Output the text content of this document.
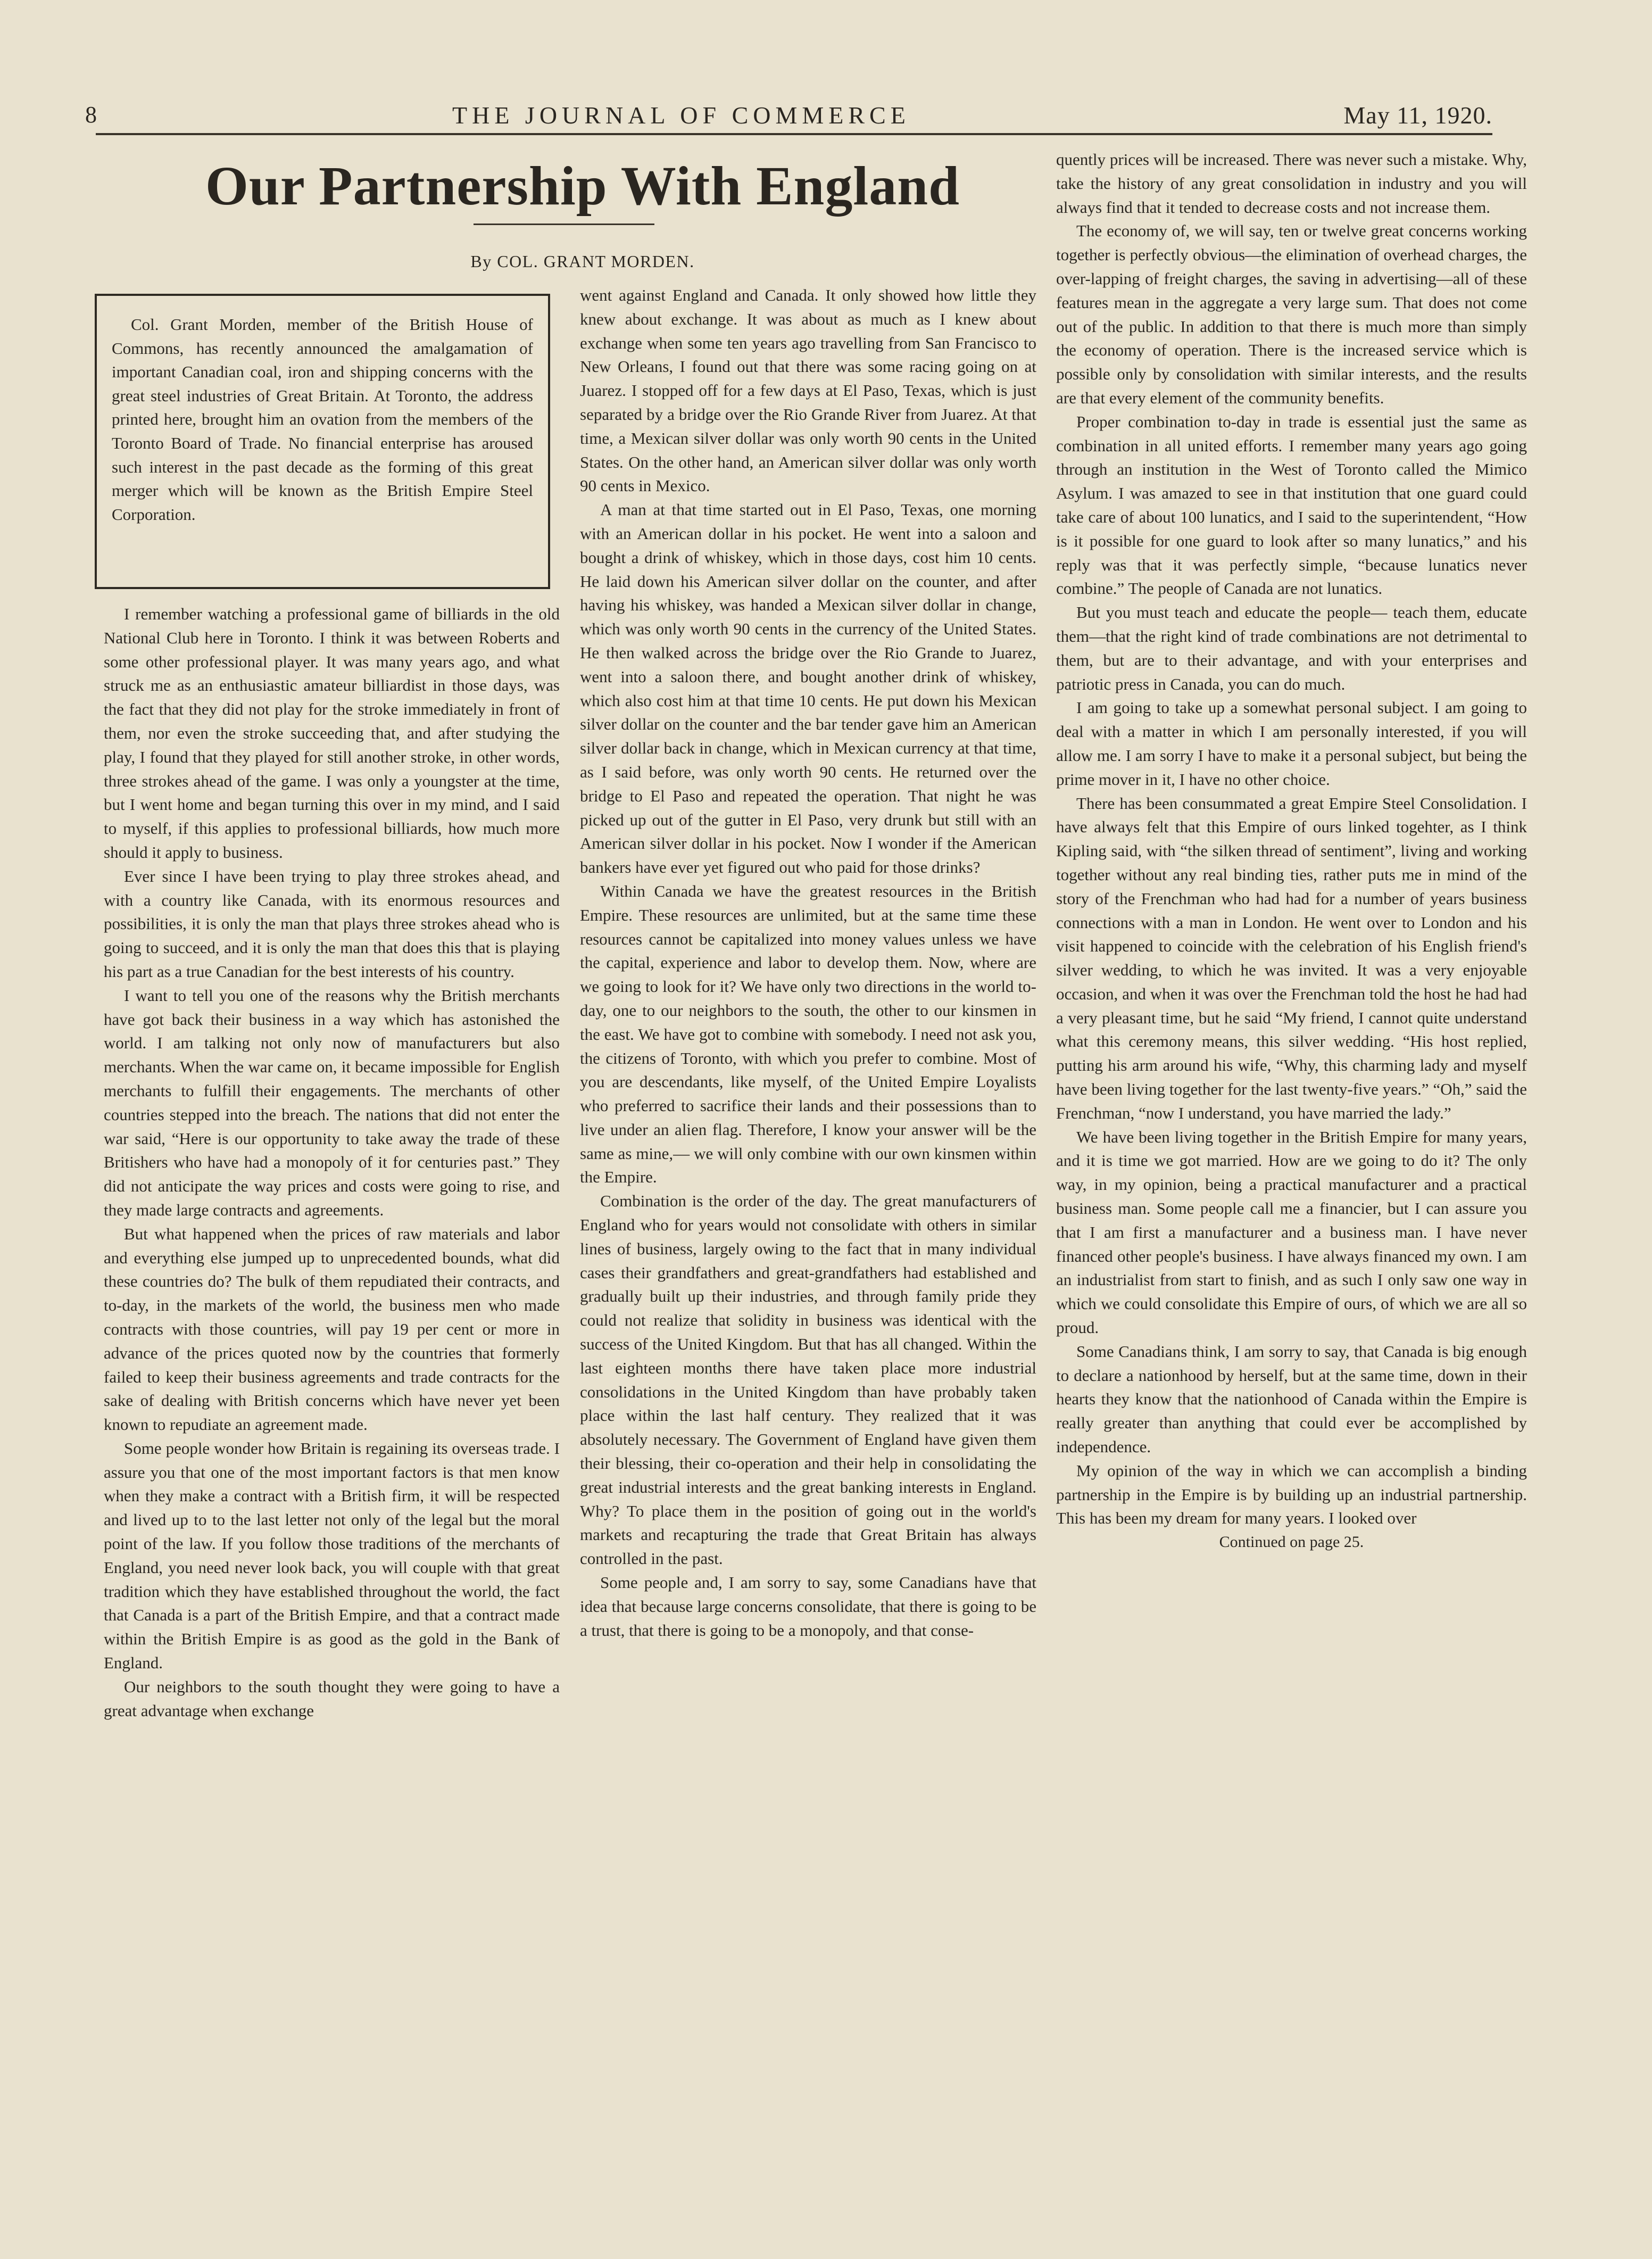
8	THE JOURNAL OF COMMERCE	May 11, 1920.
Our Partnership With England
By COL. GRANT MORDEN.

Col. Grant Morden, member of the British House of Commons, has recently announced the amalgamation of important Canadian coal, iron and shipping concerns with the great steel industries of Great Britain. At Toronto, the address printed here, brought him an ovation from the members of the Toronto Board of Trade. No financial enterprise has aroused such interest in the past decade as the forming of this great merger which will be known as the British Empire Steel Corporation.

I remember watching a professional game of billiards in the old National Club here in Toronto. I think it was between Roberts and some other professional player. It was many years ago, and what struck me as an enthusiastic amateur billiardist in those days, was the fact that they did not play for the stroke immediately in front of them, nor even the stroke succeeding that, and after studying the play, I found that they played for still another stroke, in other words, three strokes ahead of the game. I was only a youngster at the time, but I went home and began turning this over in my mind, and I said to myself, if this applies to professional billiards, how much more should it apply to business.

Ever since I have been trying to play three strokes ahead, and with a country like Canada, with its enormous resources and possibilities, it is only the man that plays three strokes ahead who is going to succeed, and it is only the man that does this that is playing his part as a true Canadian for the best interests of his country.

I want to tell you one of the reasons why the British merchants have got back their business in a way which has astonished the world. I am talking not only now of manufacturers but also merchants. When the war came on, it became impossible for English merchants to fulfill their engagements. The merchants of other countries stepped into the breach. The nations that did not enter the war said, “Here is our opportunity to take away the trade of these Britishers who have had a monopoly of it for centuries past.” They did not anticipate the way prices and costs were going to rise, and they made large contracts and agreements.

But what happened when the prices of raw materials and labor and everything else jumped up to unprecedented bounds, what did these countries do? The bulk of them repudiated their contracts, and to-day, in the markets of the world, the business men who made contracts with those countries, will pay 19 per cent or more in advance of the prices quoted now by the countries that formerly failed to keep their business agreements and trade contracts for the sake of dealing with British concerns which have never yet been known to repudiate an agreement made.

Some people wonder how Britain is regaining its overseas trade. I assure you that one of the most important factors is that men know when they make a contract with a British firm, it will be respected and lived up to to the last letter not only of the legal but the moral point of the law. If you follow those traditions of the merchants of England, you need never look back, you will couple with that great tradition which they have established throughout the world, the fact that Canada is a part of the British Empire, and that a contract made within the British Empire is as good as the gold in the Bank of England.

Our neighbors to the south thought they were going to have a great advantage when exchange

went against England and Canada. It only showed how little they knew about exchange. It was about as much as I knew about exchange when some ten years ago travelling from San Francisco to New Orleans, I found out that there was some racing going on at Juarez. I stopped off for a few days at El Paso, Texas, which is just separated by a bridge over the Rio Grande River from Juarez. At that time, a Mexican silver dollar was only worth 90 cents in the United States. On the other hand, an American silver dollar was only worth 90 cents in Mexico.

A man at that time started out in El Paso, Texas, one morning with an American dollar in his pocket. He went into a saloon and bought a drink of whiskey, which in those days, cost him 10 cents. He laid down his American silver dollar on the counter, and after having his whiskey, was handed a Mexican silver dollar in change, which was only worth 90 cents in the currency of the United States. He then walked across the bridge over the Rio Grande to Juarez, went into a saloon there, and bought another drink of whiskey, which also cost him at that time 10 cents. He put down his Mexican silver dollar on the counter and the bar tender gave him an American silver dollar back in change, which in Mexican currency at that time, as I said before, was only worth 90 cents. He returned over the bridge to El Paso and repeated the operation. That night he was picked up out of the gutter in El Paso, very drunk but still with an American silver dollar in his pocket. Now I wonder if the American bankers have ever yet figured out who paid for those drinks?

Within Canada we have the greatest resources in the British Empire. These resources are unlimited, but at the same time these resources cannot be capitalized into money values unless we have the capital, experience and labor to develop them. Now, where are we going to look for it? We have only two directions in the world to-day, one to our neighbors to the south, the other to our kinsmen in the east. We have got to combine with somebody. I need not ask you, the citizens of Toronto, with which you prefer to combine. Most of you are descendants, like myself, of the United Empire Loyalists who preferred to sacrifice their lands and their possessions than to live under an alien flag. Therefore, I know your answer will be the same as mine,— we will only combine with our own kinsmen within the Empire.

Combination is the order of the day. The great manufacturers of England who for years would not consolidate with others in similar lines of business, largely owing to the fact that in many individual cases their grandfathers and great-grandfathers had established and gradually built up their industries, and through family pride they could not realize that solidity in business was identical with the success of the United Kingdom. But that has all changed. Within the last eighteen months there have taken place more industrial consolidations in the United Kingdom than have probably taken place within the last half century. They realized that it was absolutely necessary. The Government of England have given them their blessing, their co-operation and their help in consolidating the great industrial interests and the great banking interests in England. Why? To place them in the position of going out in the world's markets and recapturing the trade that Great Britain has always controlled in the past.

Some people and, I am sorry to say, some Canadians have that idea that because large concerns consolidate, that there is going to be a trust, that there is going to be a monopoly, and that conse-

quently prices will be increased. There was never such a mistake. Why, take the history of any great consolidation in industry and you will always find that it tended to decrease costs and not increase them.

The economy of, we will say, ten or twelve great concerns working together is perfectly obvious—the elimination of overhead charges, the over-lapping of freight charges, the saving in advertising—all of these features mean in the aggregate a very large sum. That does not come out of the public. In addition to that there is much more than simply the economy of operation. There is the increased service which is possible only by consolidation with similar interests, and the results are that every element of the community benefits.

Proper combination to-day in trade is essential just the same as combination in all united efforts. I remember many years ago going through an institution in the West of Toronto called the Mimico Asylum. I was amazed to see in that institution that one guard could take care of about 100 lunatics, and I said to the superintendent, “How is it possible for one guard to look after so many lunatics,” and his reply was that it was perfectly simple, “because lunatics never combine.” The people of Canada are not lunatics.

But you must teach and educate the people— teach them, educate them—that the right kind of trade combinations are not detrimental to them, but are to their advantage, and with your enterprises and patriotic press in Canada, you can do much.

I am going to take up a somewhat personal subject. I am going to deal with a matter in which I am personally interested, if you will allow me. I am sorry I have to make it a personal subject, but being the prime mover in it, I have no other choice.

There has been consummated a great Empire Steel Consolidation. I have always felt that this Empire of ours linked togehter, as I think Kipling said, with “the silken thread of sentiment”, living and working together without any real binding ties, rather puts me in mind of the story of the Frenchman who had had for a number of years business connections with a man in London. He went over to London and his visit happened to coincide with the celebration of his English friend's silver wedding, to which he was invited. It was a very enjoyable occasion, and when it was over the Frenchman told the host he had had a very pleasant time, but he said “My friend, I cannot quite understand what this ceremony means, this silver wedding. “His host replied, putting his arm around his wife, “Why, this charming lady and myself have been living together for the last twenty-five years.” “Oh,” said the Frenchman, “now I understand, you have married the lady.”

We have been living together in the British Empire for many years, and it is time we got married. How are we going to do it? The only way, in my opinion, being a practical manufacturer and a practical business man. Some people call me a financier, but I can assure you that I am first a manufacturer and a business man. I have never financed other people's business. I have always financed my own. I am an industrialist from start to finish, and as such I only saw one way in which we could consolidate this Empire of ours, of which we are all so proud.

Some Canadians think, I am sorry to say, that Canada is big enough to declare a nationhood by herself, but at the same time, down in their hearts they know that the nationhood of Canada within the Empire is really greater than anything that could ever be accomplished by independence.

My opinion of the way in which we can accomplish a binding partnership in the Empire is by building up an industrial partnership. This has been my dream for many years. I looked over

Continued on page 25.
